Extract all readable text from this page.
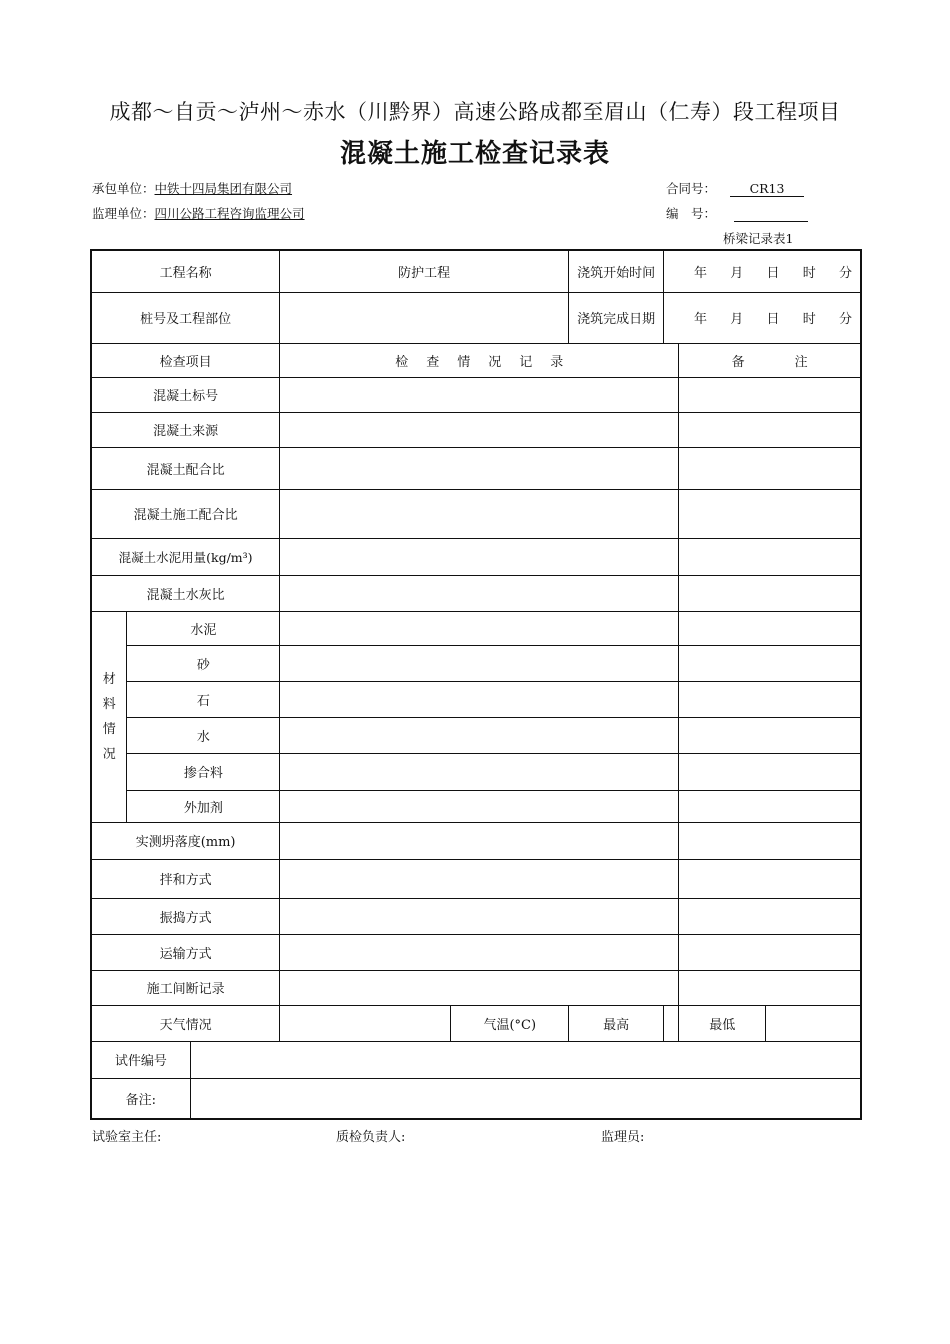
成都～自贡～泸州～赤水（川黔界）高速公路成都至眉山（仁寿）段工程项目
混凝土施工检查记录表
承包单位：中铁十四局集团有限公司
监理单位：四川公路工程咨询监理公司
合同号：	CR13
编　号：
桥梁记录表1
工程名称			防护工程		浇筑开始时间	年 月 日 时 分	

桩号及工程部位					浇筑完成日期	年 月 日 时 分	

检查项目			检 查 情 况 记 录				备 注
混凝土标号							
混凝土来源							
混凝土配合比							
混凝土施工配合比							
混凝土水泥用量(kg/m³)							
混凝土水灰比							

材
料
情
况	水泥						
	砂						
	石						
	水						
	掺合料						
	外加剂						
实测坍落度(mm)							
拌和方式							
振捣方式							
运输方式							
施工间断记录							
天气情况				气温(°C)	最高		最低

试件编号							
备注:							
试验室主任:	质检负责人:	监理员:
